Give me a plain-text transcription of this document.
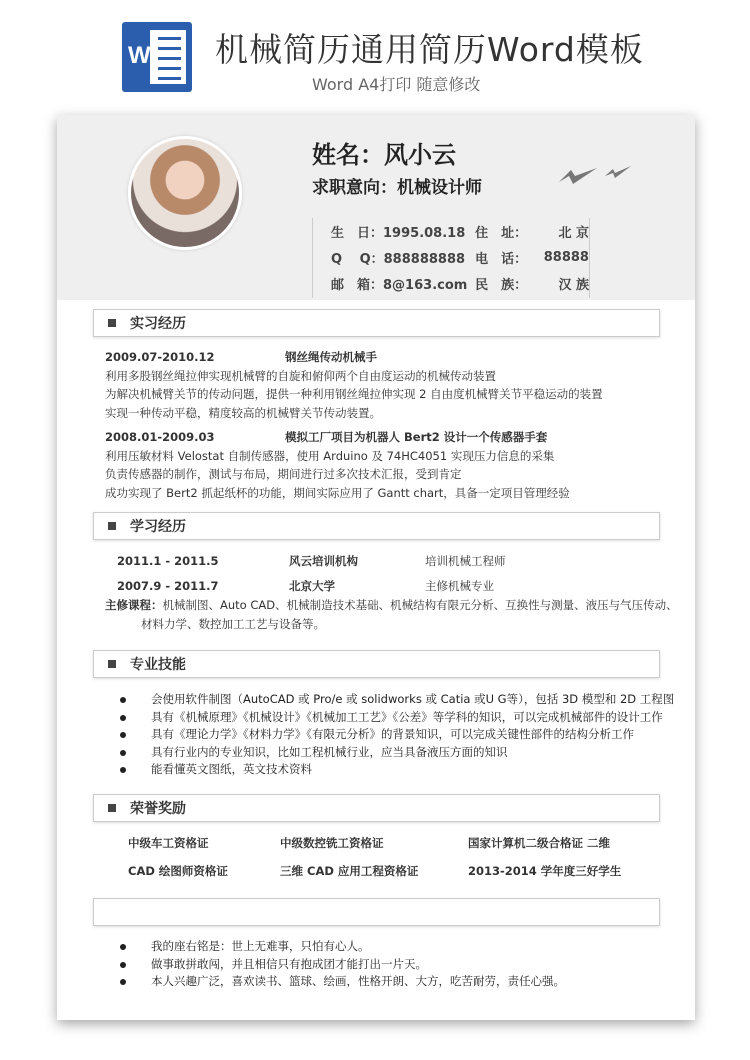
W 机械简历通用简历Word模板
Word A4打印 随意修改
姓名：风小云
求职意向：机械设计师
生　日：1995.08.18 住　址：	北 京
Q　 Q：888888888 电　话：	88888
邮　箱：8@163.com 民　族：	汉 族
实习经历
2009.07-2010.12	钢丝绳传动机械手
利用多股钢丝绳拉伸实现机械臂的自旋和俯仰两个自由度运动的机械传动装置
为解决机械臂关节的传动问题，提供一种利用钢丝绳拉伸实现 2 自由度机械臂关节平稳运动的装置
实现一种传动平稳，精度较高的机械臂关节传动装置。
2008.01-2009.03	模拟工厂项目为机器人 Bert2 设计一个传感器手套
利用压敏材料 Velostat 自制传感器，使用 Arduino 及 74HC4051 实现压力信息的采集
负责传感器的制作，测试与布局，期间进行过多次技术汇报，受到肯定
成功实现了 Bert2 抓起纸杯的功能，期间实际应用了 Gantt chart，具备一定项目管理经验
学习经历
2011.1 - 2011.5	风云培训机构	培训机械工程师
2007.9 - 2011.7	北京大学	主修机械专业
主修课程：机械制图、Auto CAD、机械制造技术基础、机械结构有限元分析、互换性与测量、液压与气压传动、
材料力学、数控加工工艺与设备等。
专业技能
会使用软件制图（AutoCAD 或 Pro/e 或 solidworks 或 Catia 或U G等），包括 3D 模型和 2D 工程图
具有《机械原理》《机械设计》《机械加工工艺》《公差》等学科的知识，可以完成机械部件的设计工作
具有《理论力学》《材料力学》《有限元分析》的背景知识，可以完成关键性部件的结构分析工作
具有行业内的专业知识，比如工程机械行业，应当具备液压方面的知识
能看懂英文图纸，英文技术资料
荣誉奖励
中级车工资格证	中级数控铣工资格证	国家计算机二级合格证 二维
CAD 绘图师资格证	三维 CAD 应用工程资格证	2013-2014 学年度三好学生
我的座右铭是：世上无难事，只怕有心人。
做事敢拼敢闯，并且相信只有抱成团才能打出一片天。
本人兴趣广泛，喜欢读书、篮球、绘画，性格开朗、大方，吃苦耐劳，责任心强。
